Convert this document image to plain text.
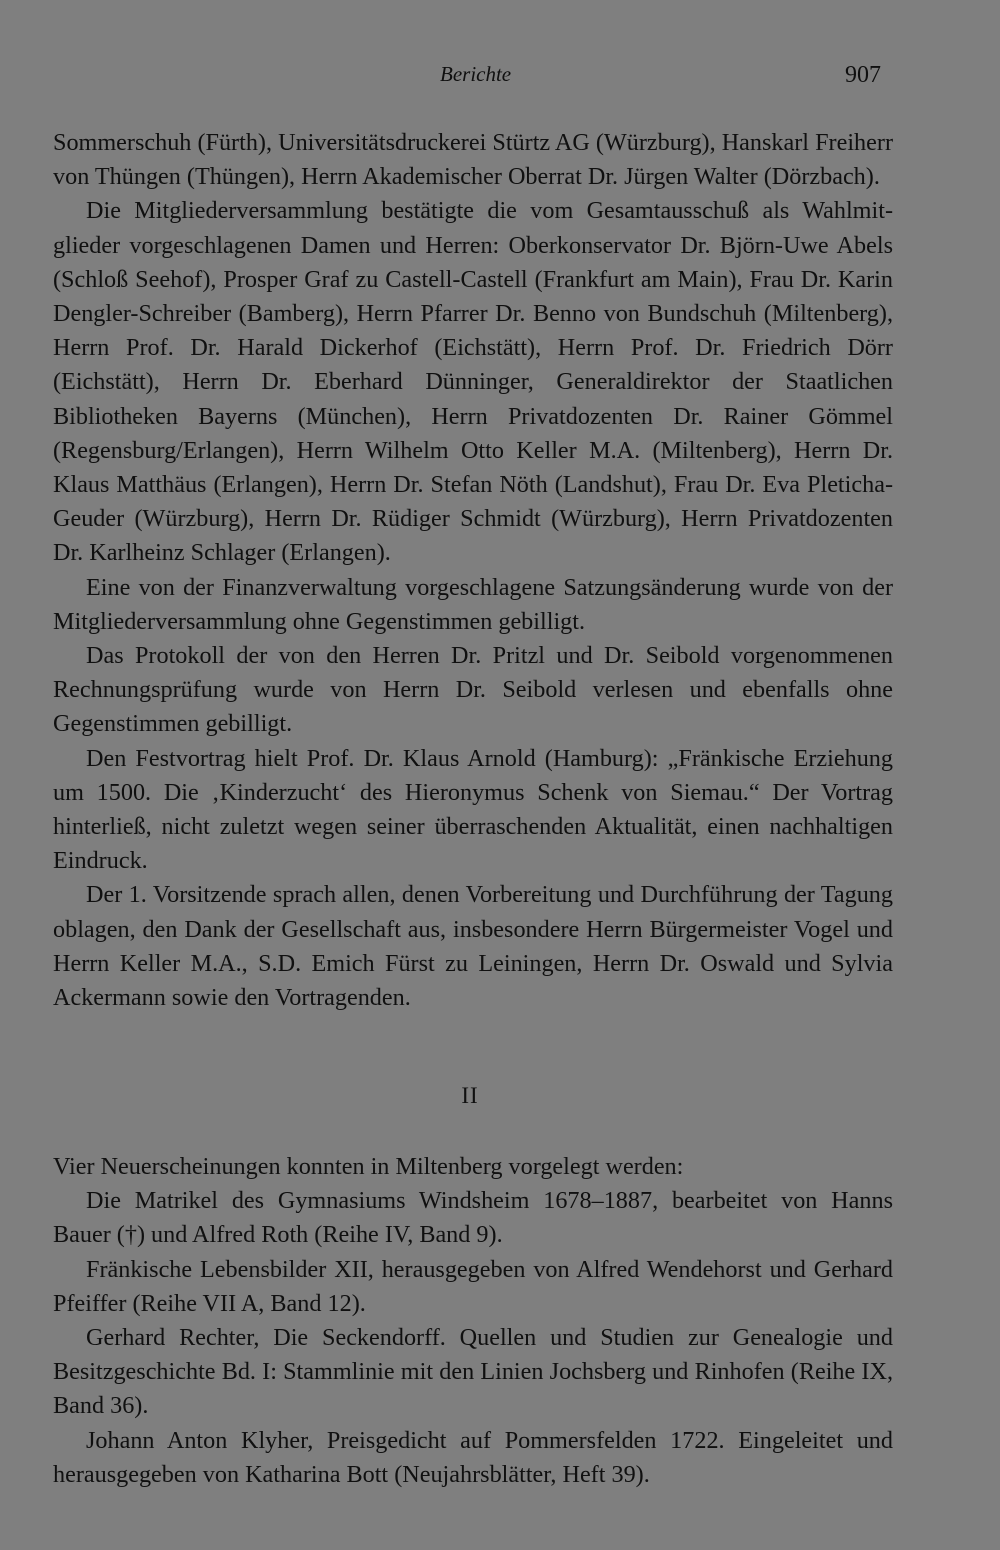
Berichte	907

Sommerschuh (Fürth), Universitätsdruckerei Stürtz AG (Würzburg), Hanskarl Freiherr von Thüngen (Thüngen), Herrn Akademischer Oberrat Dr. Jürgen Walter (Dörzbach).

Die Mitgliederversammlung bestätigte die vom Gesamtausschuß als Wahlmitglieder vorgeschlagenen Damen und Herren: Oberkonservator Dr. Björn-Uwe Abels (Schloß Seehof), Prosper Graf zu Castell-Castell (Frankfurt am Main), Frau Dr. Karin Dengler-Schreiber (Bamberg), Herrn Pfarrer Dr. Benno von Bundschuh (Miltenberg), Herrn Prof. Dr. Harald Dickerhof (Eichstätt), Herrn Prof. Dr. Friedrich Dörr (Eichstätt), Herrn Dr. Eberhard Dünninger, Generaldirektor der Staatlichen Bibliotheken Bayerns (München), Herrn Privatdozenten Dr. Rainer Gömmel (Regensburg/Erlangen), Herrn Wilhelm Otto Keller M.A. (Miltenberg), Herrn Dr. Klaus Matthäus (Erlangen), Herrn Dr. Stefan Nöth (Landshut), Frau Dr. Eva Pleticha-Geuder (Würzburg), Herrn Dr. Rüdiger Schmidt (Würzburg), Herrn Privatdozenten Dr. Karlheinz Schlager (Erlangen).

Eine von der Finanzverwaltung vorgeschlagene Satzungsänderung wurde von der Mitgliederversammlung ohne Gegenstimmen gebilligt.

Das Protokoll der von den Herren Dr. Pritzl und Dr. Seibold vorgenommenen Rechnungsprüfung wurde von Herrn Dr. Seibold verlesen und ebenfalls ohne Gegenstimmen gebilligt.

Den Festvortrag hielt Prof. Dr. Klaus Arnold (Hamburg): „Fränkische Erziehung um 1500. Die ‚Kinderzucht‘ des Hieronymus Schenk von Siemau.“ Der Vortrag hinterließ, nicht zuletzt wegen seiner überraschenden Aktualität, einen nachhaltigen Eindruck.

Der 1. Vorsitzende sprach allen, denen Vorbereitung und Durchführung der Tagung oblagen, den Dank der Gesellschaft aus, insbesondere Herrn Bürgermeister Vogel und Herrn Keller M.A., S.D. Emich Fürst zu Leiningen, Herrn Dr. Oswald und Sylvia Ackermann sowie den Vortragenden.

II

Vier Neuerscheinungen konnten in Miltenberg vorgelegt werden:

Die Matrikel des Gymnasiums Windsheim 1678–1887, bearbeitet von Hanns Bauer (†) und Alfred Roth (Reihe IV, Band 9).

Fränkische Lebensbilder XII, herausgegeben von Alfred Wendehorst und Gerhard Pfeiffer (Reihe VII A, Band 12).

Gerhard Rechter, Die Seckendorff. Quellen und Studien zur Genealogie und Besitzgeschichte Bd. I: Stammlinie mit den Linien Jochsberg und Rinhofen (Reihe IX, Band 36).

Johann Anton Klyher, Preisgedicht auf Pommersfelden 1722. Eingeleitet und herausgegeben von Katharina Bott (Neujahrsblätter, Heft 39).
